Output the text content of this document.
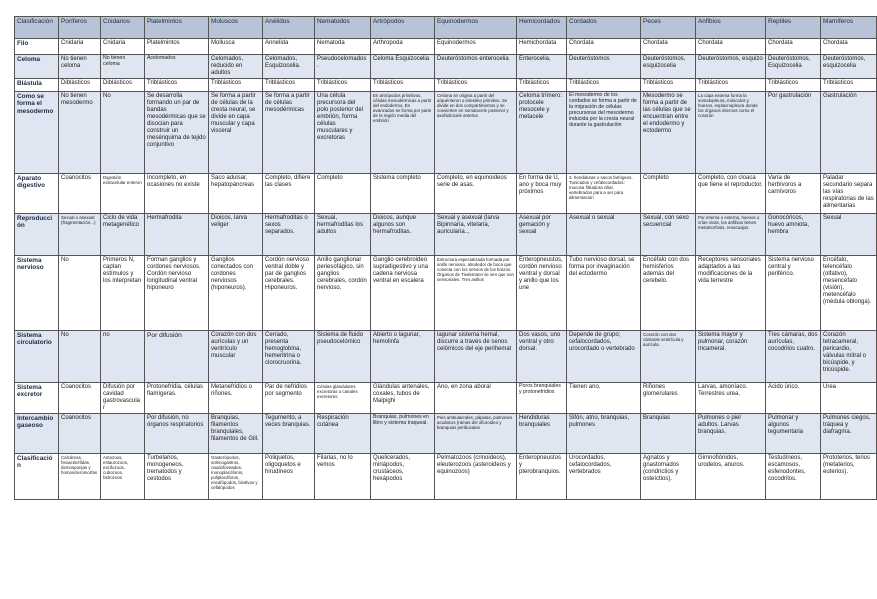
Clasificación	Poríferos	Cnidarios	Platelmintos	Moluscos	Anélidos	Nematodos	Artrópodos	Equinodermos	Hemicordados	Cordados	Peces	Anfibios	Reptiles	Mamíferos
Filo	Cnidaria	Cnidaria	Platelmintos	Mollusca	Annelida	Nematoda	Arthropoda	Equinodermos	Hemichordata	Chordata	Chordata	Chordata	Chordata	Chordata
Celoma	No tienen celoma	No tienen celoma	Acelomados	Celomados, reducido en adultos	Celomados, Esquizocelia.	Pseudocelomados.	Celoma Esquizocelia	Deuteróstomos enterocelia	Enterocelia,	Deuteróstomos	Deuteróstomos, esquizocelia	Deuteróstomos, esquizo	Deuteróstomos, Esquizocelia	Deuteróstomos, esquizocelia
Blástula	Diblásticos	Diblásticos	Triblásticos	Triblásticos	Triblásticos	Triblásticos	Triblásticos	Triblásticos	Triblásticos	Triblásticos	Triblásticos	Triblásticos	Triblásticos	Triblásticos
Como se forma el mesodermo	No tienen mesodermo	No	Se desarrolla formando un par de bandas mesodérmicas que se disocian para construir un mesénquima de tejido conjuntivo	Se forma a partir de células de la cresta neural, se divide en capa muscular y capa visceral	Se forma a partir de células mesodérmicas	Una célula precursora del polo posterior del embrión, forma células musculares y excretoras	En artrópodos primitivos, células mesodérmicas a partir del endodermo. En avanzados se forma por parte de la región media del embrión	Celoma se origina a partir del arquénteron o intestino primitivo. Se divide en dos compartimentos y se convierten en somatocele posterior y axohidrocele anterior.	Celoma trímero: protocele mesocele y metacele	El mesodermo de los cordados se forma a partir de la migración de células precursoras del mesodermo inducida por la cresta neural durante la gastrulación	Mesodermo se forma a partir de las células que se encuentran entre el endodermo y ectodermo	La capa externa forma la somatopleura, músculos y huesos, esplacnopleura donde los órganos internos como el corazón	Por gastrulación	Gastrulación
Aparato digestivo	Coanocitos	Digestión extracelular enteron	Incompleto, en ocasiones no existe	Saco adulsar, hepatopáncreas	Completo, difiere las clases	Completo	Sistema completo	Completo, en equinoideos serie de asas.	En forma de U, ano y boca muy próximos	3. hendiduras o sacos faríngeos. Tunicados y cefalocordados: mucosa filtradora ciliar, vertebrados para a ser para alimentación	Completo	Completo, con cloaca que tiene el reproductor.	Varía de herbívoros a carnívoros	Paladar secundario separa las vías respiratorias de las alimentarias
Reproducción	Sexual o asexual (fragmentación...)	Ciclo de vida metagenético	Hermafrodita	Dioicos, larva veliger	Hermafroditas o sexos separados.	Sexual, hermafroditas los adultos	Dioicos, aunque algunos son hermafroditas.	Sexual y asexual (larva Bipinnaria, vitelaria, auricularia...	Asexual por gemación y sexual	Asexual o sexual	Sexual, con sexo secuencial	Por interna o externa, huevos o crías vivas, los anfibios tienen metamorfosis, renacuajos	Gonocóricos, huevo amniota, hembra	Sexual
Sistema nervioso	No	Primeros N, captan estímulos y los interpretan	Forman ganglios y cordones nerviosos. Cordón nervioso longitudinal ventral hiponeuro	Ganglios conectados con cordones nerviosos (hiponeuros).	Cordón nervioso ventral doble y par de ganglios cerebrales. Hiponeuros.	Anillo ganglionar periesofágico, sin ganglios cerebrales, cordón nervioso.	Ganglio cerebroideo supradigestivo y una cadena nerviosa ventral en escalera	Estructura especializada formada por anillo nervioso, alrededor de boca que conecta con los nervios de los brazos. Órganos de Tiedemann se ven que son sensoriales. Tres anillos	Enteropneustos, cordón nervioso ventral y dorsal y anillo que los une	Tubo nervioso dorsal, se forma por invaginación del ectodermo	Encéfalo con dos hemisferios además del cerebelo.	Receptores sensoriales adaptados a las modificaciones de la vida terrestre	Sistema nervioso central y periférico.	Encéfalo, telencéfalo (olfativo), mesencéfalo (visión), metencéfalo (médula oblonga).
Sistema circulatorio	No	no	Por difusión	Corazón con dos aurículas y un ventrículo muscular	Cerrado, presenta hemoglobina, hemeritrina o clorocruorina.	Sistema de fluido pseudocelómico	Abierto o lagunar, hemolinfa	lagunar sistema hemal, discurre a través de senos celómicos del eje perihemal	Dos vasos, uno ventral y otro dorsal.	Depende de grupo; cefalocordados, urocordado o vertebrado	Corazón con dos cámaras ventrícula y aurícula.	Sistema mayor y pulmonar, corazón tricameral.	Tres cámaras, dos aurículas, cocodrilos cuatro.	Corazón tetracameral, pericardio, válvulas mitral o bicúspide, y tricúspide.
Sistema excretor	Coanocitos	Difusión por cavidad gastrovascular	Protonefridia, células flamígeras.	Metanefridios o riñones.	Par de nefridios por segmento	Células glandulares excretoras o canales excretores	Glándulas antenales, coxales, tubos de Malpighi	Ano, en zona aboral	Poros branquiales y protonefridios	Tienen ano.	Riñones glomerulares	Larvas, amoníaco. Terrestres urea.	Ácido úrico.	Urea
Intercambio gaseoso	Coanocitos		Por difusión, no órganos respiratorios	Branquias, filamentos branquiales, filamentos de Gill.	Tegumento, a veces branquias.	Respiración cutánea	Branquias, pulmones en libro y sistema traqueal.	Pies ambulacrales, pápulas, pulmones acuáticos (ramas del ofiuroideo y branquias peribucales	Hendiduras branquiales	Sifón, atrio, branquias, pulmones	Branquias	Pulmones o piel adultos. Larvas branquias.	Pulmonar y algunos tegumentaria	Pulmones ciegos, tráquea y diafragma.
Clasificación	Calcáreas, hexactinélidas, demosponjas y homoscleromorfas	Antozoos, estaurozoos, escifozoos, cubozoos, hidrozoos	Turbelarios, monogeneos, trematodos y cestodos	Gasterópodos, solenogastros, caudofoveados, monoplacóforos, poliplacóforos, escafópodos, bivalvos y cefalópodos	Poliquetos, oligoquetos e hirudíneos	Filarias, no lo vemos	Quelicerados, miriápodos, crustáceos, hexápodos	Pelmatozoos (crinoideos), eleuterozoos (asteroideos y equinozoos)	Enteropneustos y pterobranquios.	Urocordados, cefalocordados, vertebrados	Agnatos y gnastomados (condrictios y osteíctios).	Gimnofiónidos, urodelos, anuros.	Testudíneos, escamosos, esfenodontes, cocodrilos.	Prototerios, terios (metaterios, euterios).
